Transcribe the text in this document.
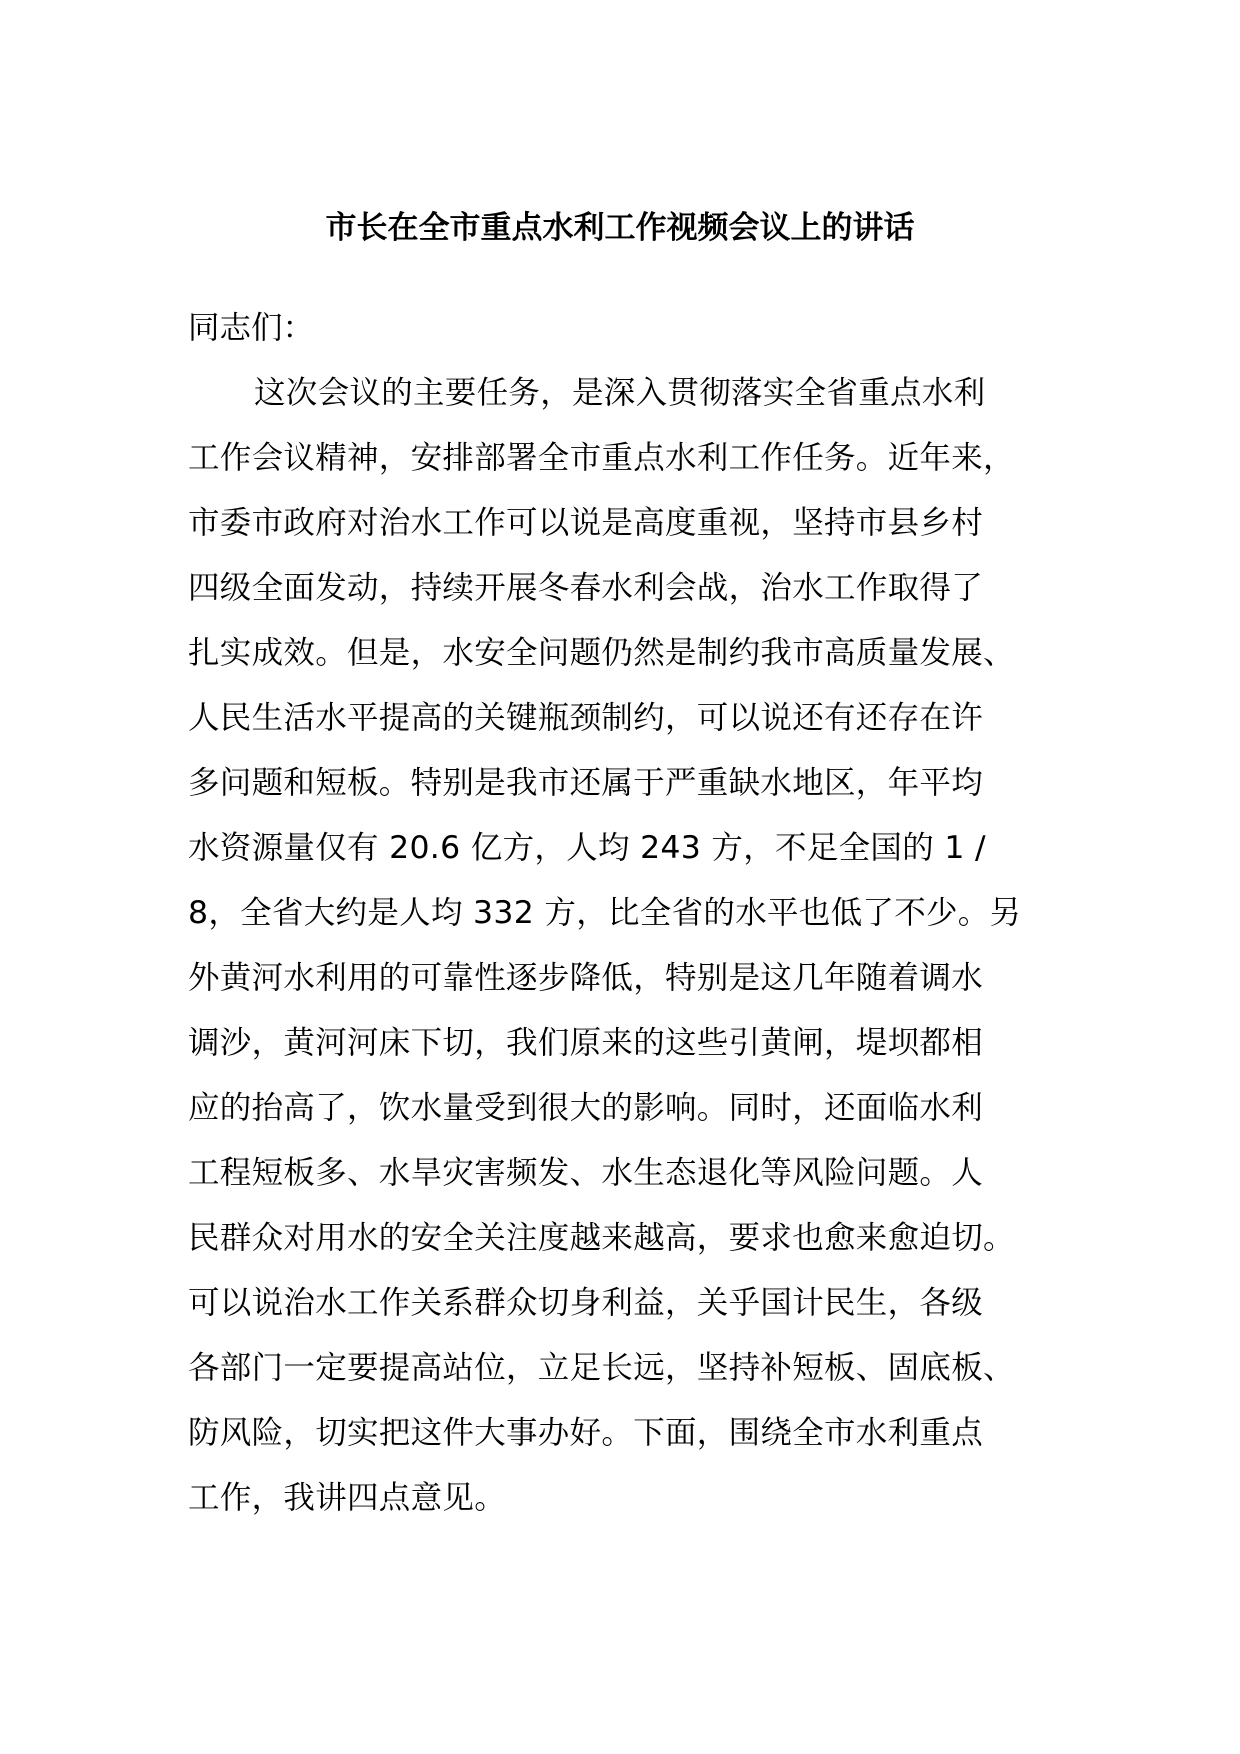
市长在全市重点水利工作视频会议上的讲话

同志们：

这次会议的主要任务，是深入贯彻落实全省重点水利
工作会议精神，安排部署全市重点水利工作任务。近年来，
市委市政府对治水工作可以说是高度重视，坚持市县乡村
四级全面发动，持续开展冬春水利会战，治水工作取得了
扎实成效。但是，水安全问题仍然是制约我市高质量发展、
人民生活水平提高的关键瓶颈制约，可以说还有还存在许
多问题和短板。特别是我市还属于严重缺水地区，年平均
水资源量仅有 20.6 亿方，人均 243 方，不足全国的 1 /
8，全省大约是人均 332 方，比全省的水平也低了不少。另
外黄河水利用的可靠性逐步降低，特别是这几年随着调水
调沙，黄河河床下切，我们原来的这些引黄闸，堤坝都相
应的抬高了，饮水量受到很大的影响。同时，还面临水利
工程短板多、水旱灾害频发、水生态退化等风险问题。人
民群众对用水的安全关注度越来越高，要求也愈来愈迫切。
可以说治水工作关系群众切身利益，关乎国计民生，各级
各部门一定要提高站位，立足长远，坚持补短板、固底板、
防风险，切实把这件大事办好。下面，围绕全市水利重点
工作，我讲四点意见。
